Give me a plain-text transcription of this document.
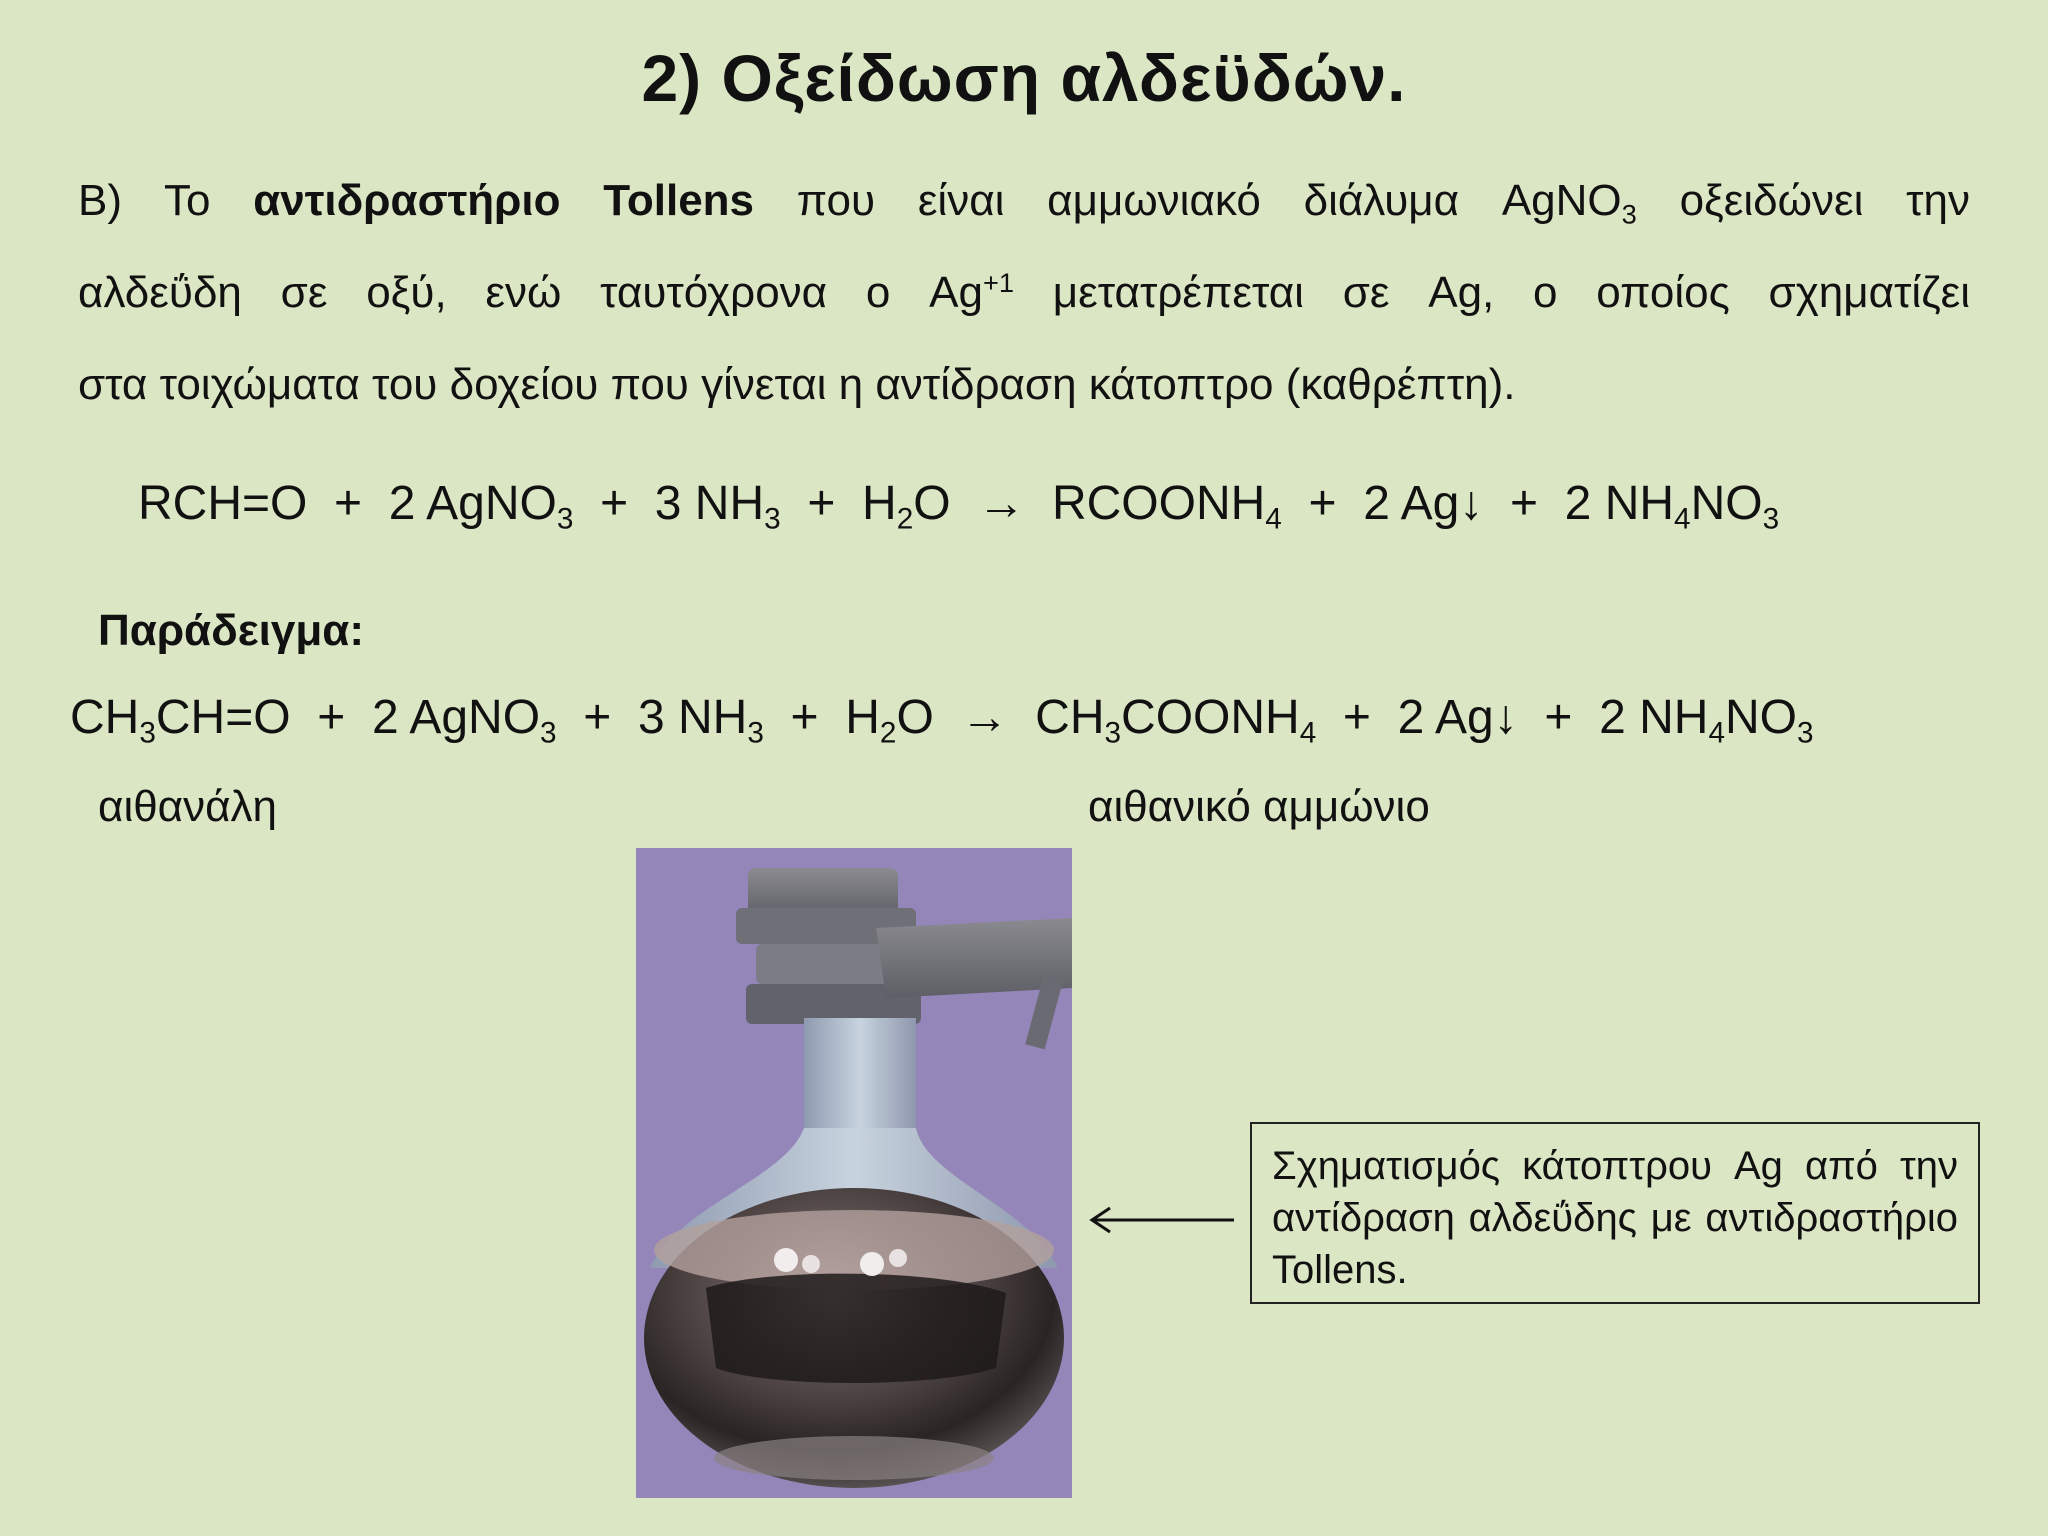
2) Οξείδωση αλδεϋδών.
Β) Το αντιδραστήριο Tollens που είναι αμμωνιακό διάλυμα AgNO$_3$ οξειδώνει την
αλδεΰδη σε οξύ, ενώ ταυτόχρονα ο $Ag^{+1}$ μετατρέπεται σε Ag, ο οποίος σχηματίζει
στα τοιχώματα του δοχείου που γίνεται η αντίδραση κάτοπτρο (καθρέπτη).
RCH=O + 2 AgNO$_3$ + 3 $NH_3 + H_2O$ → $RCOONH_4 + 2$ Ag↓ + 2 $NH_4NO_3$
Παράδειγμα:
$CH_3CH=O + 2$ AgNO$_3$ + 3 $NH_3 + H_2O$ → $CH_3COONH_4 + 2$ Ag↓ + 2 $NH_4NO_3$
αιθανάλη	αιθανικό αμμώνιο
Σχηματισμός κάτοπτρου Ag από την αντίδραση αλδεΰδης με αντιδραστήριο Tollens.
